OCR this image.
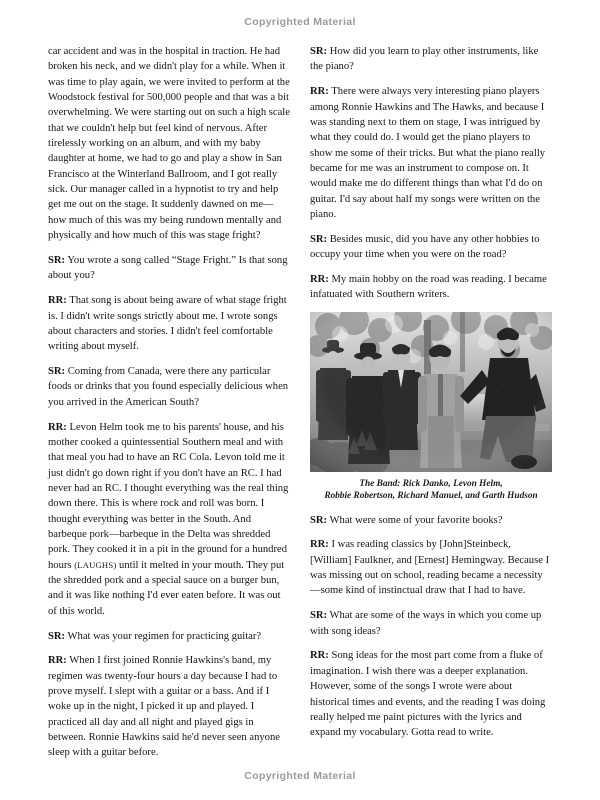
Copyrighted Material

car accident and was in the hospital in traction. He had broken his neck, and we didn't play for a while. When it was time to play again, we were invited to perform at the Woodstock festival for 500,000 people and that was a bit overwhelming. We were starting out on such a high scale that we couldn't help but feel kind of nervous. After tirelessly working on an album, and with my baby daughter at home, we had to go and play a show in San Francisco at the Winterland Ballroom, and I got really sick. Our manager called in a hypnotist to try and help get me out on the stage. It suddenly dawned on me—how much of this was my being rundown mentally and physically and how much of this was stage fright?

SR: You wrote a song called “Stage Fright.” Is that song about you?

RR: That song is about being aware of what stage fright is. I didn't write songs strictly about me. I wrote songs about characters and stories. I didn't feel comfortable writing about myself.

SR: Coming from Canada, were there any particular foods or drinks that you found especially delicious when you arrived in the American South?

RR: Levon Helm took me to his parents' house, and his mother cooked a quintessential Southern meal and with that meal you had to have an RC Cola. Levon told me it just didn't go down right if you don't have an RC. I had never had an RC. I thought everything was the real thing down there. This is where rock and roll was born. I thought everything was better in the South. And barbeque pork—barbeque in the Delta was shredded pork. They cooked it in a pit in the ground for a hundred hours (LAUGHS) until it melted in your mouth. They put the shredded pork and a special sauce on a burger bun, and it was like nothing I'd ever eaten before. It was out of this world.

SR: What was your regimen for practicing guitar?

RR: When I first joined Ronnie Hawkins's band, my regimen was twenty-four hours a day because I had to prove myself. I slept with a guitar or a bass. And if I woke up in the night, I picked it up and played. I practiced all day and all night and played gigs in between. Ronnie Hawkins said he'd never seen anyone sleep with a guitar before.

SR: How did you learn to play other instruments, like the piano?

RR: There were always very interesting piano players among Ronnie Hawkins and The Hawks, and because I was standing next to them on stage, I was intrigued by what they could do. I would get the piano players to show me some of their tricks. But what the piano really became for me was an instrument to compose on. It would make me do different things than what I'd do on guitar. I'd say about half my songs were written on the piano.

SR: Besides music, did you have any other hobbies to occupy your time when you were on the road?

RR: My main hobby on the road was reading. I became infatuated with Southern writers.

The Band: Rick Danko, Levon Helm,
Robbie Robertson, Richard Manuel, and Garth Hudson

SR: What were some of your favorite books?

RR: I was reading classics by [John]Steinbeck, [William] Faulkner, and [Ernest] Hemingway. Because I was missing out on school, reading became a necessity—some kind of instinctual draw that I had to have.

SR: What are some of the ways in which you come up with song ideas?

RR: Song ideas for the most part come from a fluke of imagination. I wish there was a deeper explanation. However, some of the songs I wrote were about historical times and events, and the reading I was doing really helped me paint pictures with the lyrics and expand my vocabulary. Gotta read to write.

Copyrighted Material
